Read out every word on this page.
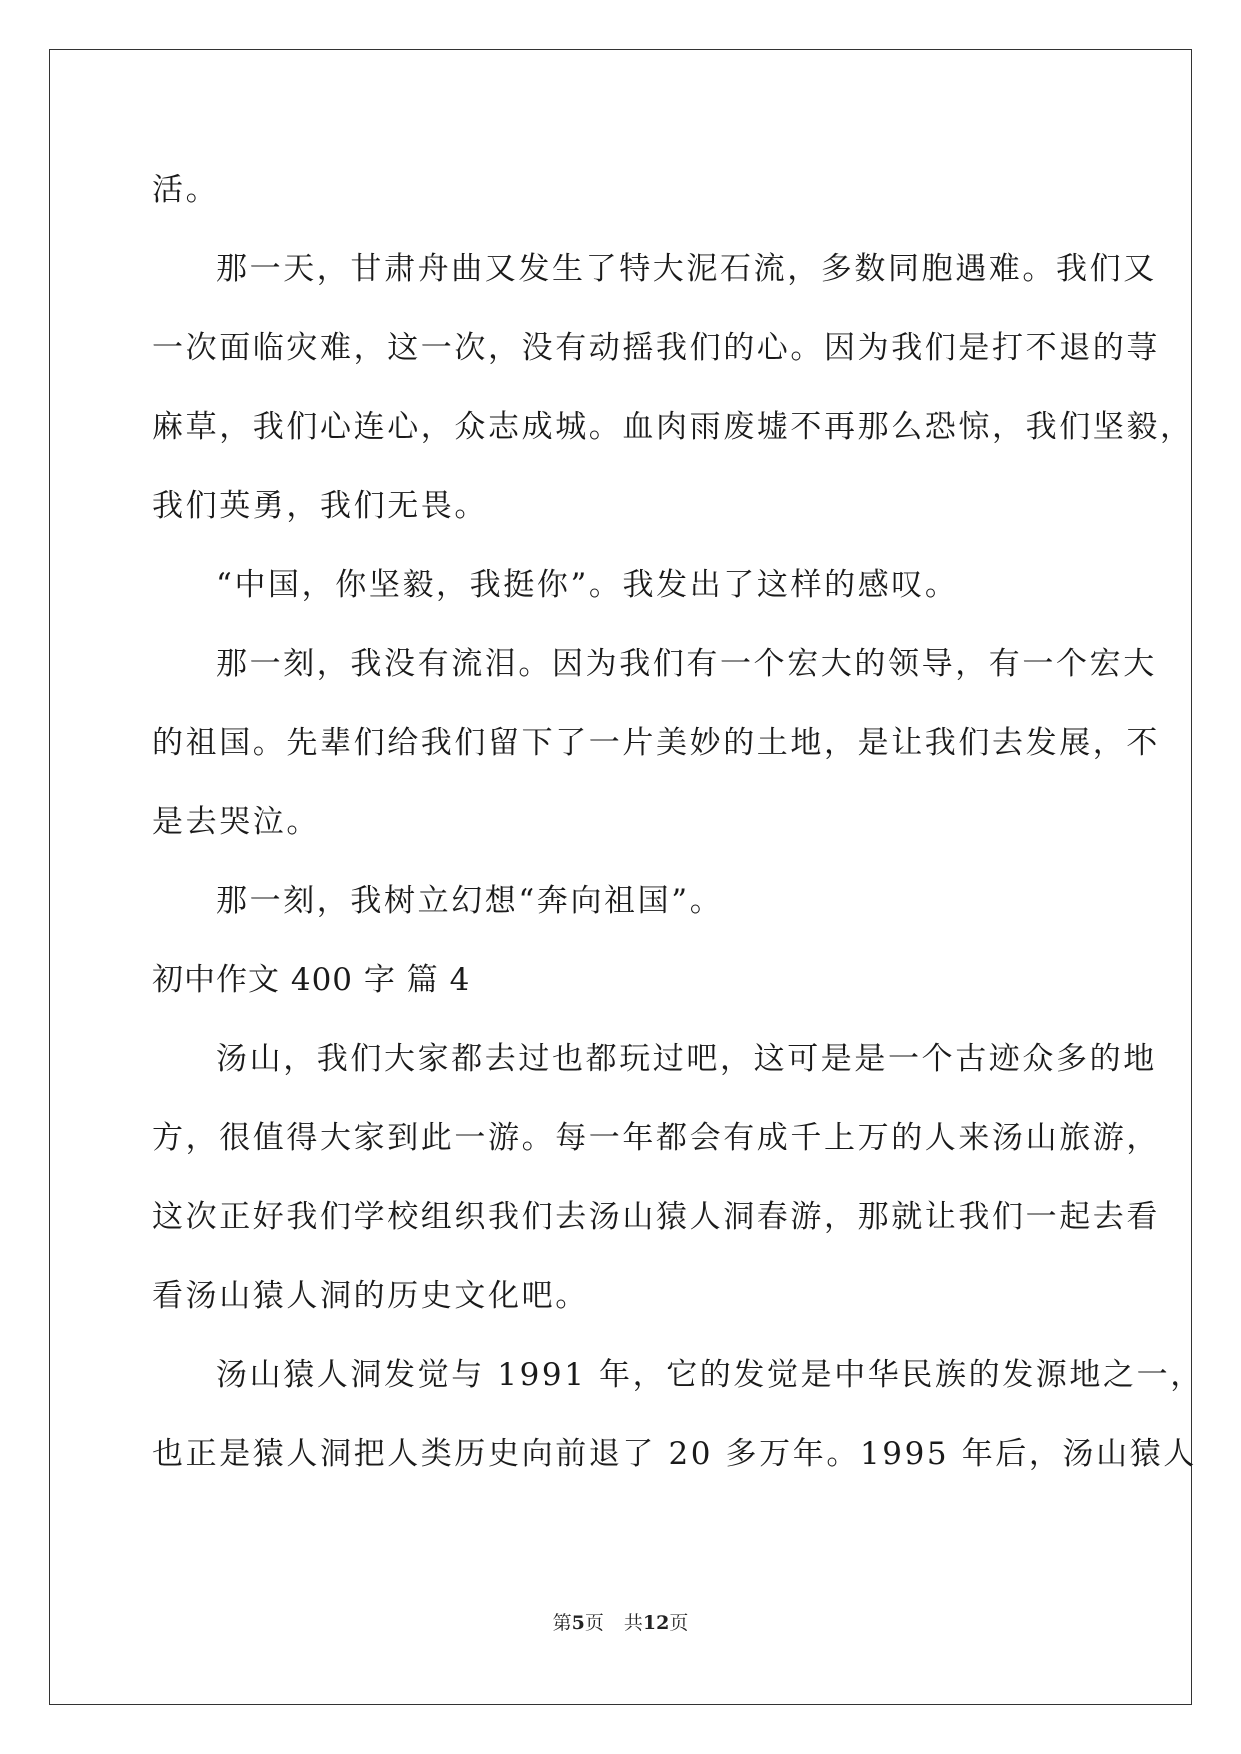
活。
那一天，甘肃舟曲又发生了特大泥石流，多数同胞遇难。我们又
一次面临灾难，这一次，没有动摇我们的心。因为我们是打不退的荨
麻草，我们心连心，众志成城。血肉雨废墟不再那么恐惊，我们坚毅，
我们英勇，我们无畏。
“中国，你坚毅，我挺你”。我发出了这样的感叹。
那一刻，我没有流泪。因为我们有一个宏大的领导，有一个宏大
的祖国。先辈们给我们留下了一片美妙的土地，是让我们去发展，不
是去哭泣。
那一刻，我树立幻想“奔向祖国”。
初中作文 400 字 篇 4
汤山，我们大家都去过也都玩过吧，这可是是一个古迹众多的地
方，很值得大家到此一游。每一年都会有成千上万的人来汤山旅游，
这次正好我们学校组织我们去汤山猿人洞春游，那就让我们一起去看
看汤山猿人洞的历史文化吧。
汤山猿人洞发觉与 1991 年，它的发觉是中华民族的发源地之一，
也正是猿人洞把人类历史向前退了 20 多万年。1995 年后，汤山猿人
第5页 共12页
